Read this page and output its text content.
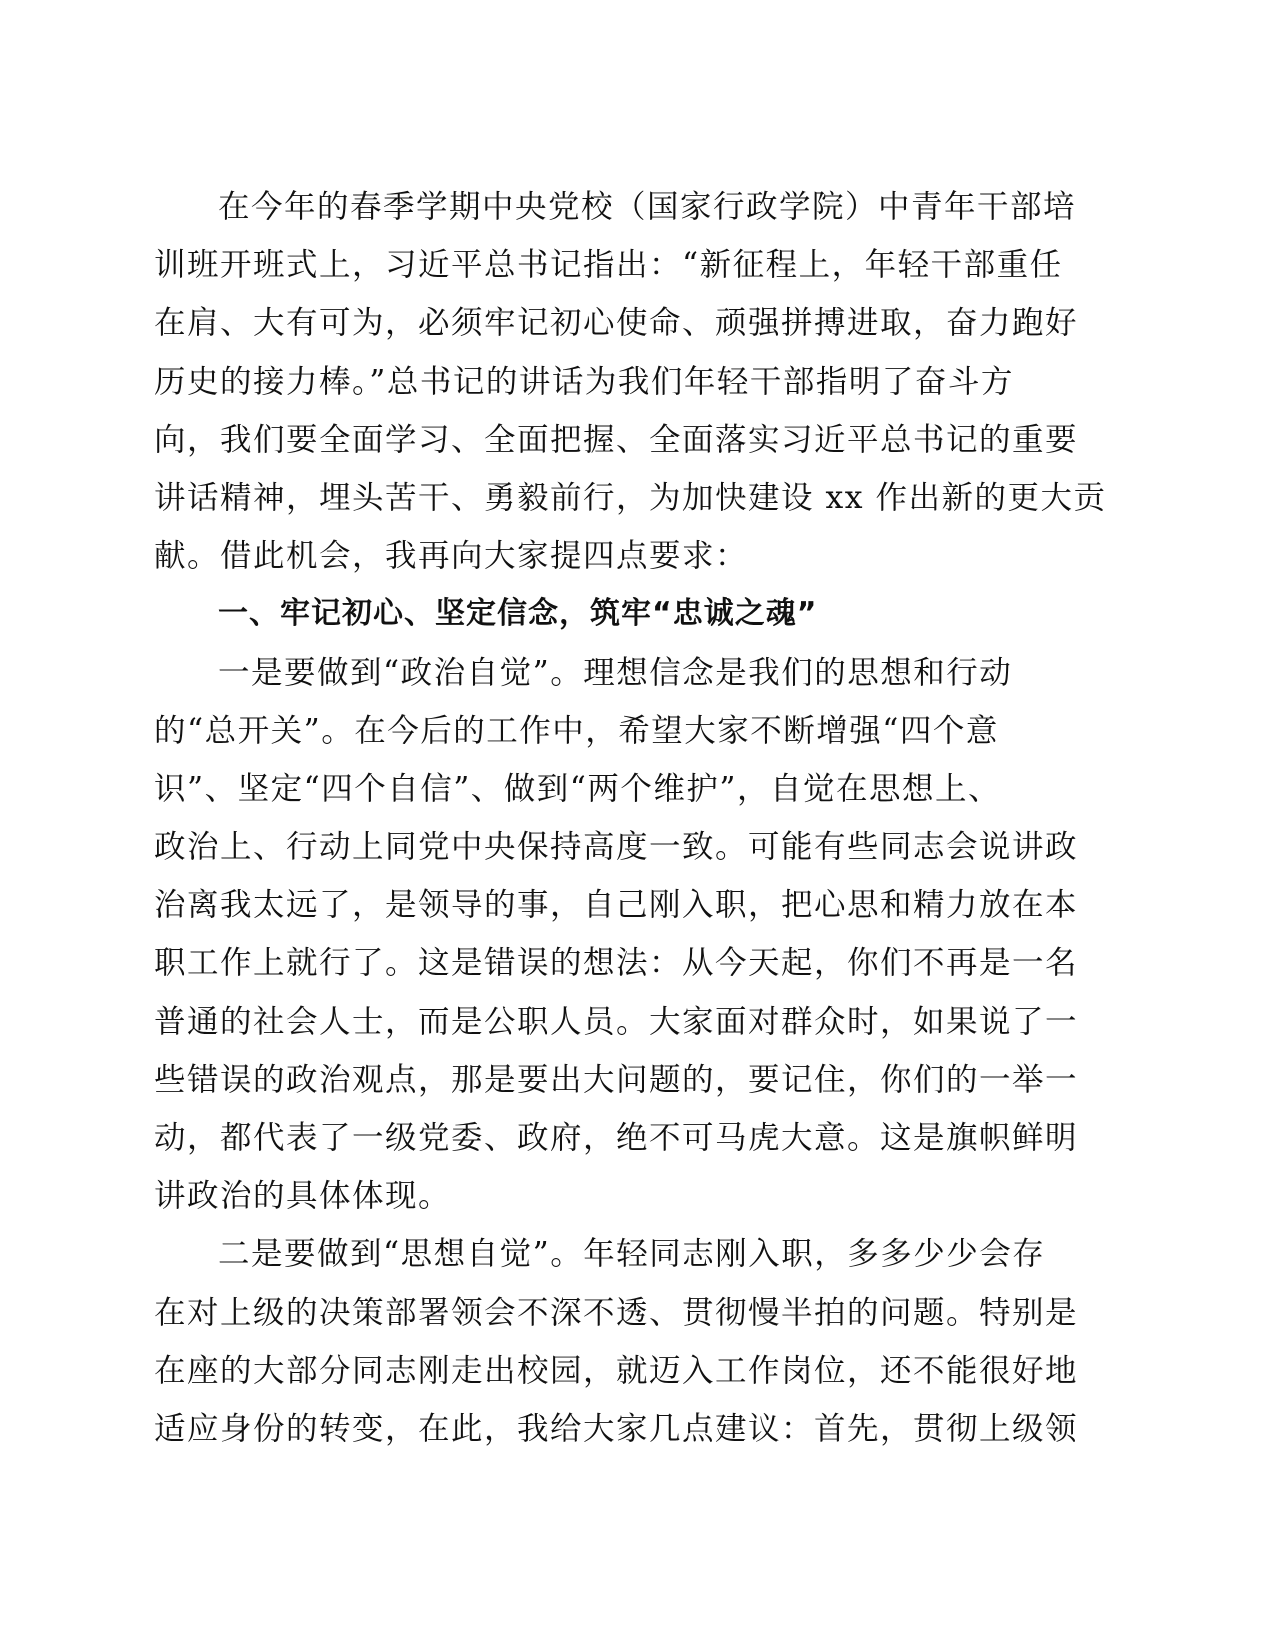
在今年的春季学期中央党校（国家行政学院）中青年干部培
训班开班式上，习近平总书记指出：“新征程上，年轻干部重任
在肩、大有可为，必须牢记初心使命、顽强拼搏进取，奋力跑好
历史的接力棒。”总书记的讲话为我们年轻干部指明了奋斗方
向，我们要全面学习、全面把握、全面落实习近平总书记的重要
讲话精神，埋头苦干、勇毅前行，为加快建设 xx 作出新的更大贡
献。借此机会，我再向大家提四点要求：
一、牢记初心、坚定信念，筑牢“忠诚之魂”
一是要做到“政治自觉”。理想信念是我们的思想和行动
的“总开关”。在今后的工作中，希望大家不断增强“四个意
识”、坚定“四个自信”、做到“两个维护”，自觉在思想上、
政治上、行动上同党中央保持高度一致。可能有些同志会说讲政
治离我太远了，是领导的事，自己刚入职，把心思和精力放在本
职工作上就行了。这是错误的想法：从今天起，你们不再是一名
普通的社会人士，而是公职人员。大家面对群众时，如果说了一
些错误的政治观点，那是要出大问题的，要记住，你们的一举一
动，都代表了一级党委、政府，绝不可马虎大意。这是旗帜鲜明
讲政治的具体体现。
二是要做到“思想自觉”。年轻同志刚入职，多多少少会存
在对上级的决策部署领会不深不透、贯彻慢半拍的问题。特别是
在座的大部分同志刚走出校园，就迈入工作岗位，还不能很好地
适应身份的转变，在此，我给大家几点建议：首先，贯彻上级领
